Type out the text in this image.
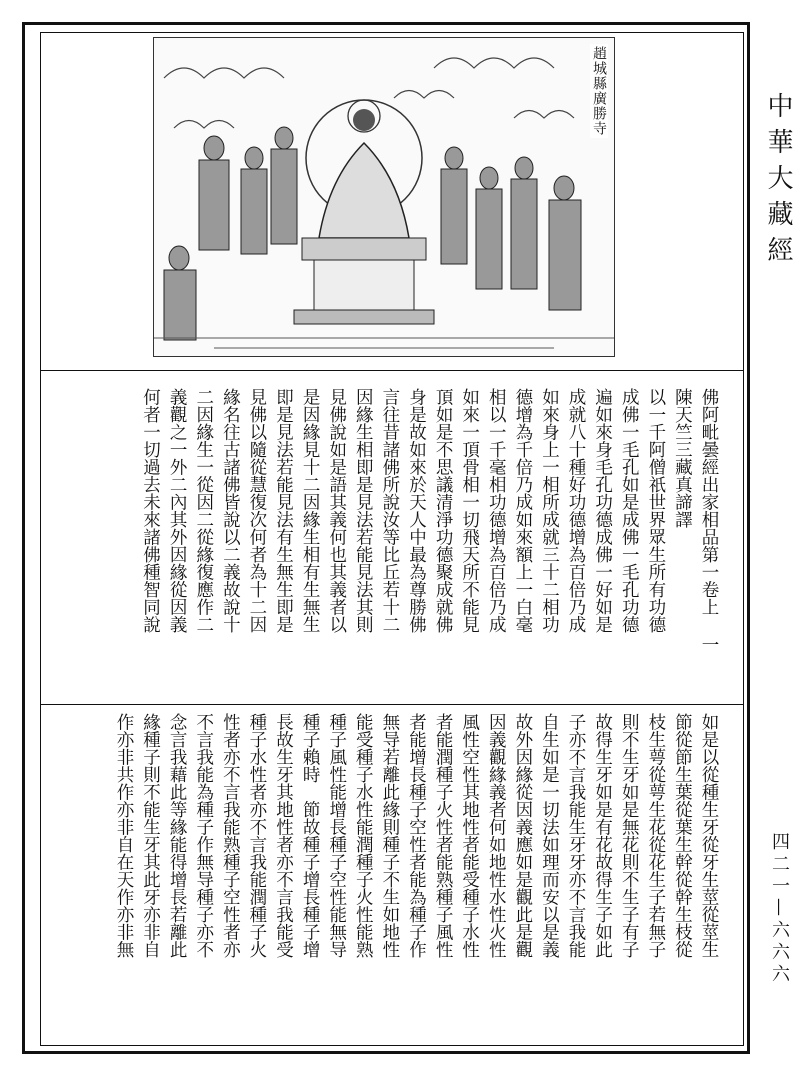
趙城縣廣勝寺
中華大藏經
四二一—六六六
佛阿毗曇經出家相品第一卷上 一
陳天竺三藏真諦譯
以一千阿僧祇世界眾生所有功德
成佛一毛孔如是成佛一毛孔功德
遍如來身毛孔功德成佛一好如是
成就八十種好功德增為百倍乃成
如來身上一相所成就三十二相功
德增為千倍乃成如來額上一白毫
相以一千毫相功德增為百倍乃成
如來一頂骨相一切飛天所不能見
頂如是不思議清淨功德聚成就佛
身是故如來於天人中最為尊勝佛
言往昔諸佛所說汝等比丘若十二
因緣生相即是見法若能見法其則
見佛說如是語其義何也其義者以
是因緣見十二因緣生相有生無生
即是見法若能見法有生無生即是
見佛以隨從慧復次何者為十二因
緣名往古諸佛皆說以二義故說十
二因緣生一從因二從緣復應作二
義觀之一外二內其外因緣從因義
何者一切過去未來諸佛種智同說
如是以從種生牙從牙生莖從莖生
節從節生葉從葉生幹從幹生枝從
枝生萼從萼生花從花生子若無子
則不生牙如是無花則不生子有子
故得生牙如是有花故得生子如此
子亦不言我能生牙牙亦不言我能
自生如是一切法如理而安以是義
故外因緣從因義應如是觀此是觀
因義觀緣義者何如地性水性火性
風性空性其地性者能受種子水性
者能潤種子火性者能熟種子風性
者能增長種子空性者能為種子作
無导若離此緣則種子不生如地性
能受種子水性能潤種子火性能熟
種子風性能增長種子空性能無导
種子賴時　節故種子增長種子增
長故生牙其地性者亦不言我能受
種子水性者亦不言我能潤種子火
性者亦不言我能熟種子空性者亦
不言我能為種子作無导種子亦不
念言我藉此等緣能得增長若離此
緣種子則不能生牙其此牙亦非自
作亦非共作亦非自在天作亦非無
